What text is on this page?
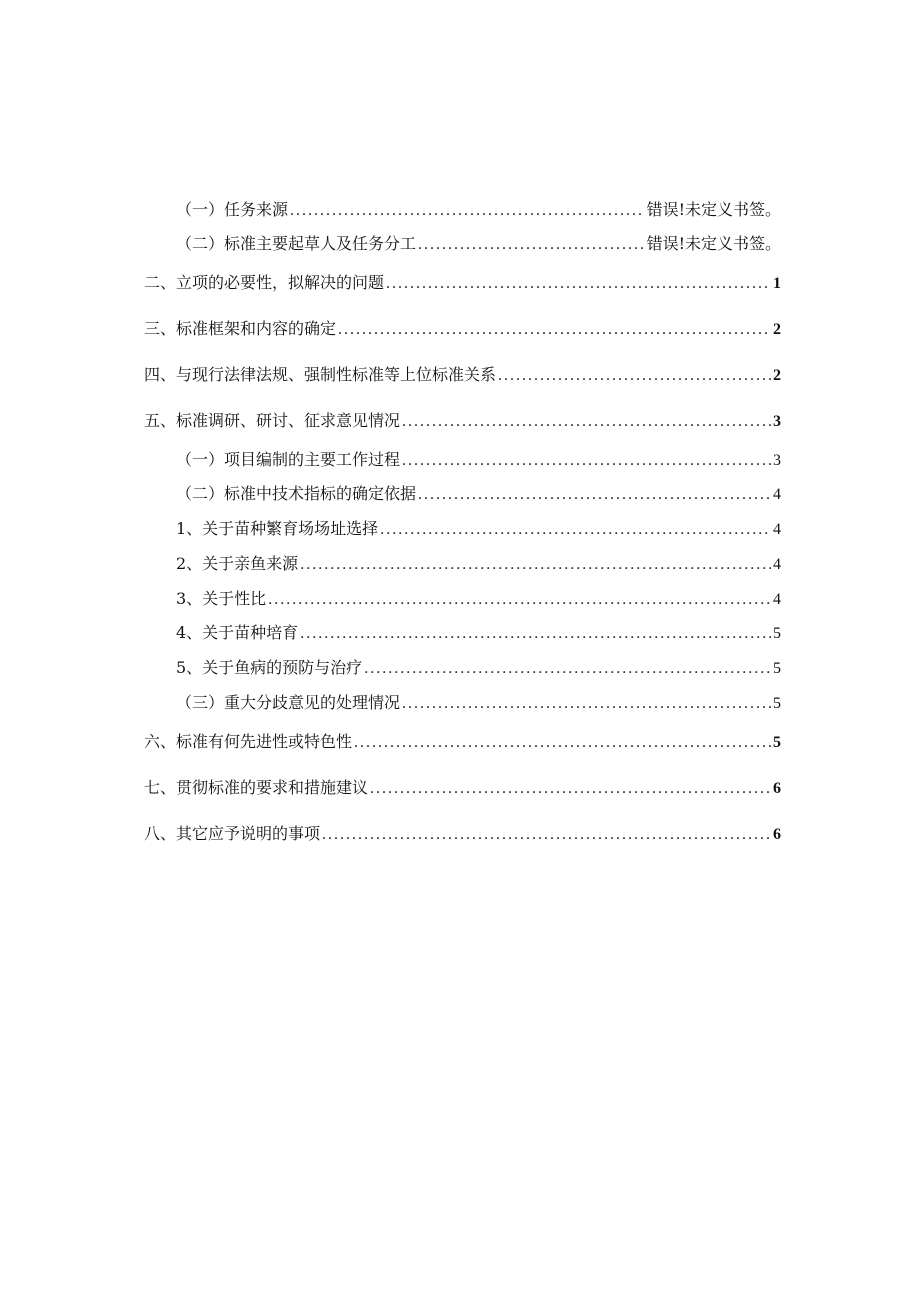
（一）任务来源 .....	错误!未定义书签。
（二）标准主要起草人及任务分工 .....	错误!未定义书签。
二、立项的必要性，拟解决的问题 .....	1
三、标准框架和内容的确定 .....	2
四、与现行法律法规、强制性标准等上位标准关系 .....	2
五、标准调研、研讨、征求意见情况 .....	3
（一）项目编制的主要工作过程 .....	3
（二）标准中技术指标的确定依据 .....	4
1、关于苗种繁育场场址选择 .....	4
2、关于亲鱼来源 .....	4
3、关于性比 .....	4
4、关于苗种培育 .....	5
5、关于鱼病的预防与治疗 .....	5
（三）重大分歧意见的处理情况 .....	5
六、标准有何先进性或特色性 .....	5
七、贯彻标准的要求和措施建议 .....	6
八、其它应予说明的事项 .....	6
